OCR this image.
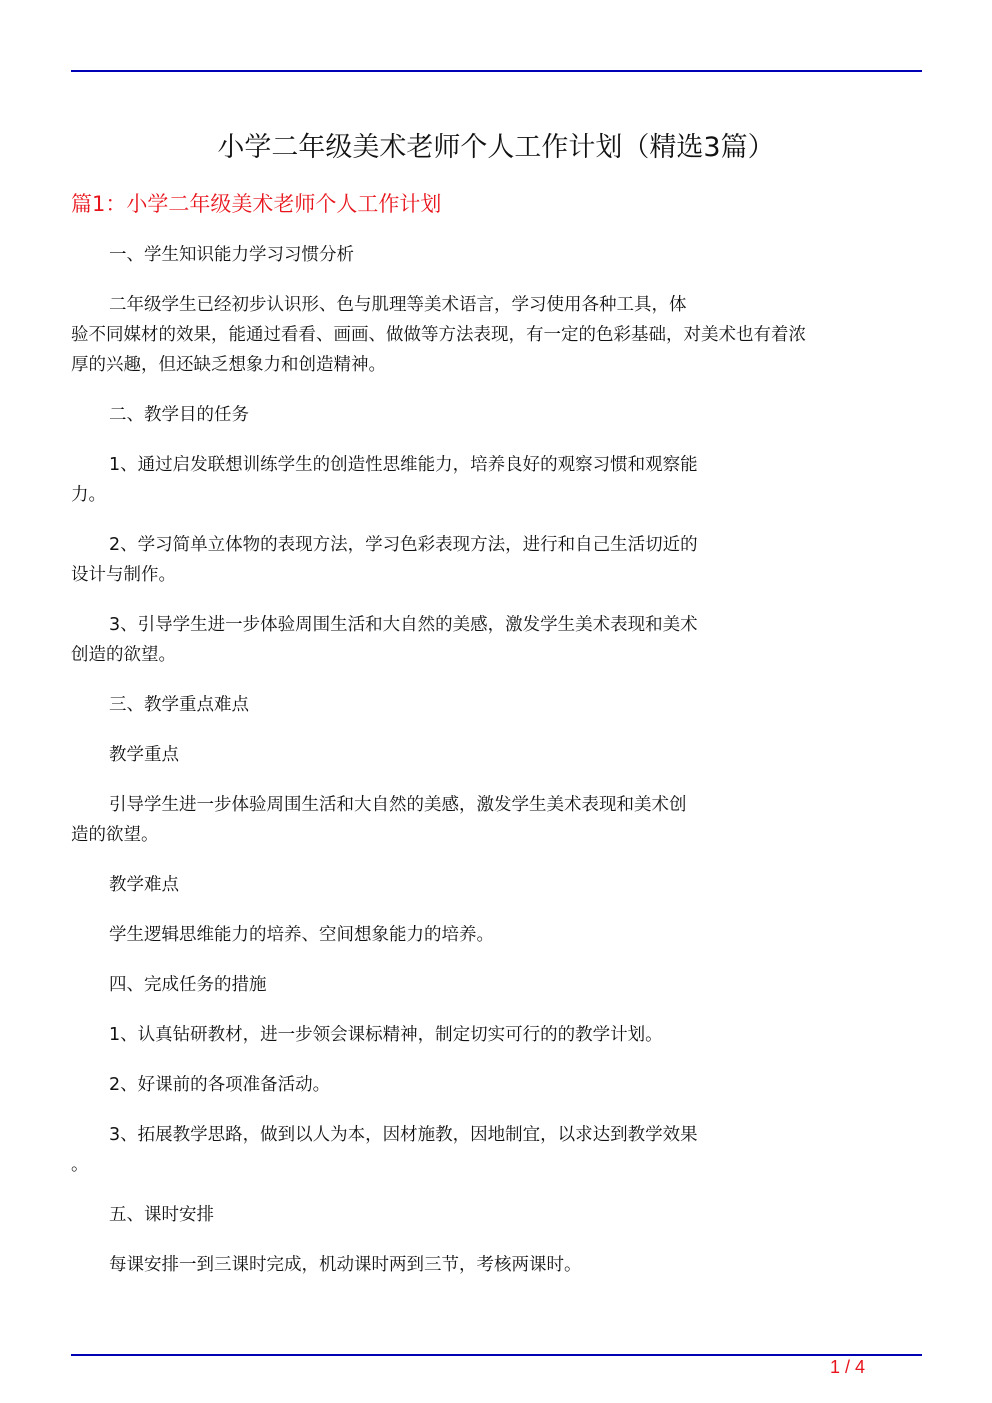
小学二年级美术老师个人工作计划（精选3篇）
篇1：小学二年级美术老师个人工作计划
一、学生知识能力学习习惯分析
二年级学生已经初步认识形、色与肌理等美术语言，学习使用各种工具，体
验不同媒材的效果，能通过看看、画画、做做等方法表现，有一定的色彩基础，对美术也有着浓
厚的兴趣，但还缺乏想象力和创造精神。
二、教学目的任务
1、通过启发联想训练学生的创造性思维能力，培养良好的观察习惯和观察能
力。
2、学习简单立体物的表现方法，学习色彩表现方法，进行和自己生活切近的
设计与制作。
3、引导学生进一步体验周围生活和大自然的美感，激发学生美术表现和美术
创造的欲望。
三、教学重点难点
教学重点
引导学生进一步体验周围生活和大自然的美感，激发学生美术表现和美术创
造的欲望。
教学难点
学生逻辑思维能力的培养、空间想象能力的培养。
四、完成任务的措施
1、认真钻研教材，进一步领会课标精神，制定切实可行的的教学计划。
2、好课前的各项准备活动。
3、拓展教学思路，做到以人为本，因材施教，因地制宜，以求达到教学效果
。
五、课时安排
每课安排一到三课时完成，机动课时两到三节，考核两课时。
1 / 4
